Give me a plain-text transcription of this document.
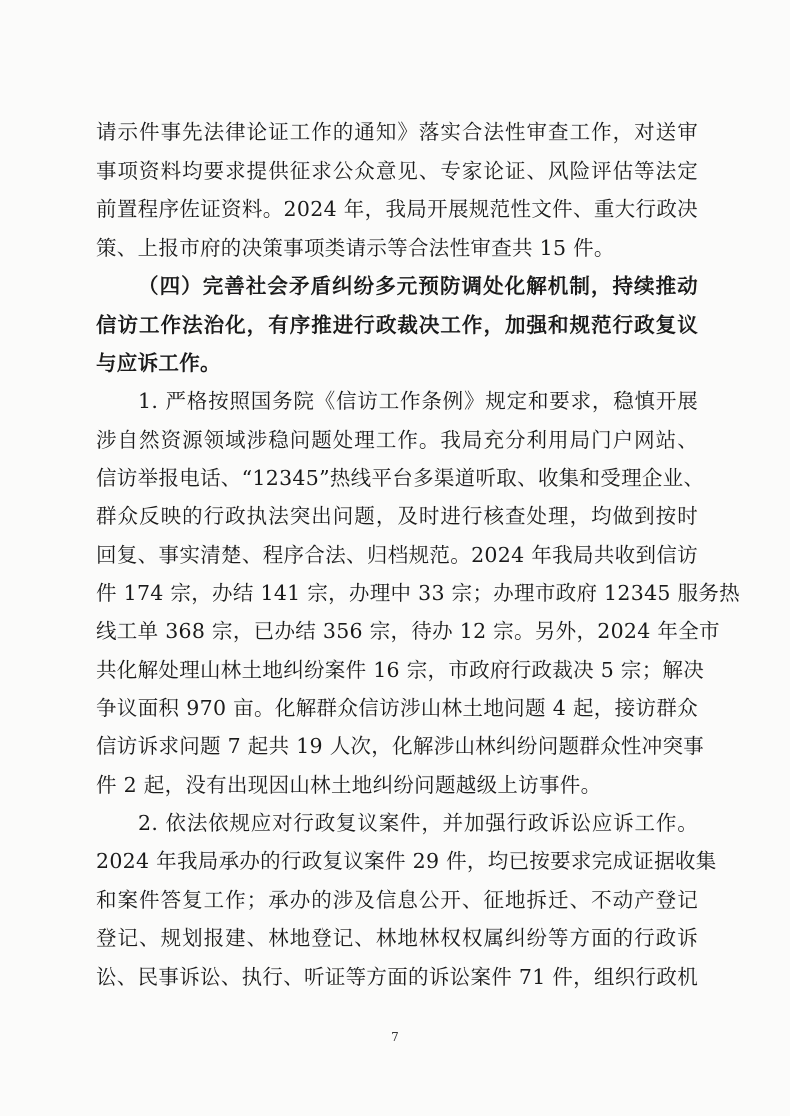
请示件事先法律论证工作的通知》落实合法性审查工作，对送审
事项资料均要求提供征求公众意见、专家论证、风险评估等法定
前置程序佐证资料。2024 年，我局开展规范性文件、重大行政决
策、上报市府的决策事项类请示等合法性审查共 15 件。
（四）完善社会矛盾纠纷多元预防调处化解机制，持续推动
信访工作法治化，有序推进行政裁决工作，加强和规范行政复议
与应诉工作。
1. 严格按照国务院《信访工作条例》规定和要求，稳慎开展
涉自然资源领域涉稳问题处理工作。我局充分利用局门户网站、
信访举报电话、“12345”热线平台多渠道听取、收集和受理企业、
群众反映的行政执法突出问题，及时进行核查处理，均做到按时
回复、事实清楚、程序合法、归档规范。2024 年我局共收到信访
件 174 宗，办结 141 宗，办理中 33 宗；办理市政府 12345 服务热
线工单 368 宗，已办结 356 宗，待办 12 宗。另外，2024 年全市
共化解处理山林土地纠纷案件 16 宗，市政府行政裁决 5 宗；解决
争议面积 970 亩。化解群众信访涉山林土地问题 4 起，接访群众
信访诉求问题 7 起共 19 人次，化解涉山林纠纷问题群众性冲突事
件 2 起，没有出现因山林土地纠纷问题越级上访事件。
2. 依法依规应对行政复议案件，并加强行政诉讼应诉工作。
2024 年我局承办的行政复议案件 29 件，均已按要求完成证据收集
和案件答复工作；承办的涉及信息公开、征地拆迁、不动产登记
登记、规划报建、林地登记、林地林权权属纠纷等方面的行政诉
讼、民事诉讼、执行、听证等方面的诉讼案件 71 件，组织行政机
7
